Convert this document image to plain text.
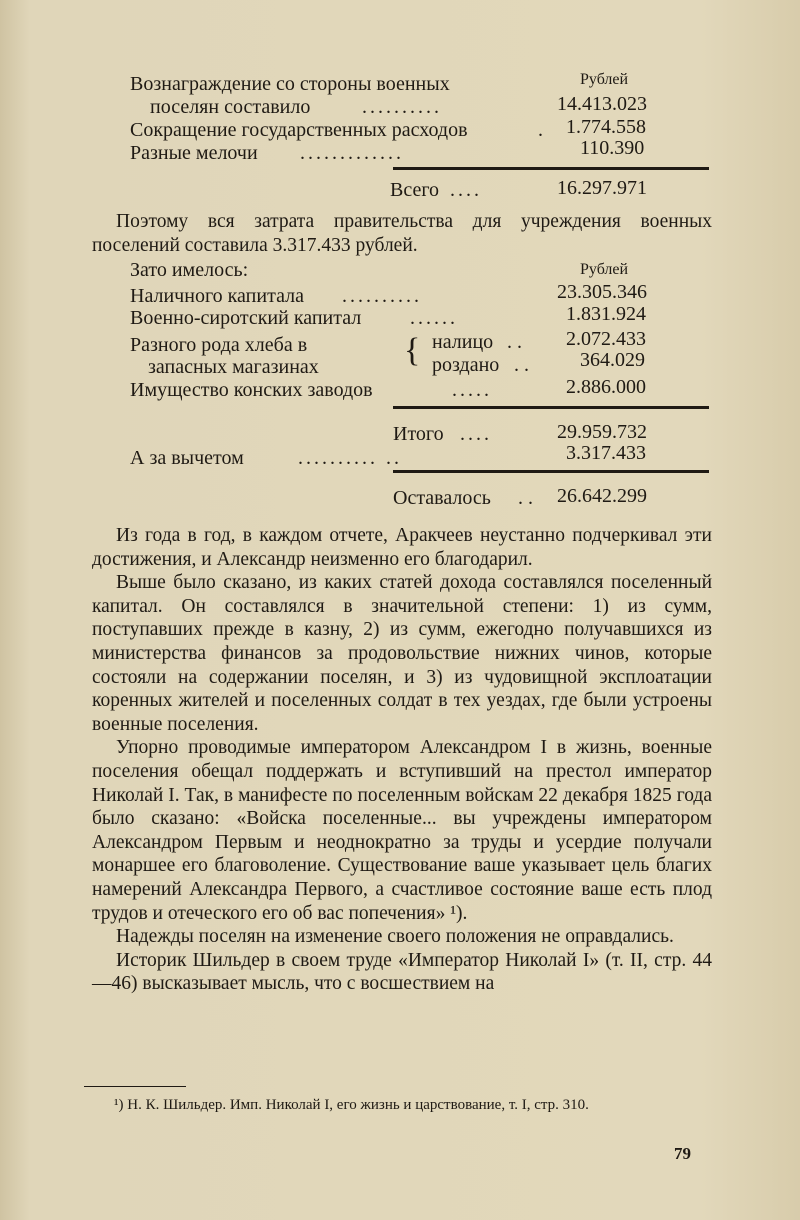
Рублей
Вознаграждение со стороны военных
поселян составило	..........	14.413.023
Сокращение государственных расходов	. 1.774.558
Разные мелочи .............	110.390
Всего ....	16.297.971

Поэтому вся затрата правительства для учреждения военных поселений составила 3.317.433 рублей.

Зато имелось:	Рублей
Наличного капитала ..........	23.305.346
Военно-сиротский капитал ......	1.831.924
Разного рода хлеба в
запасных магазинах	{ налицо . . 2.072.433
роздано . .	364.029
Имущество конских заводов	.....	2.886.000
Итого ....	29.959.732
А за вычетом	.......... ..	3.317.433
Оставалось . . 26.642.299

Из года в год, в каждом отчете, Аракчеев неустанно подчеркивал эти достижения, и Александр неизменно его благодарил.

Выше было сказано, из каких статей дохода составлялся поселенный капитал. Он составлялся в значительной степени: 1) из сумм, поступавших прежде в казну, 2) из сумм, ежегодно получавшихся из министерства финансов за продовольствие нижних чинов, которые состояли на содержании поселян, и 3) из чудовищной эксплоатации коренных жителей и поселенных солдат в тех уездах, где были устроены военные поселения.

Упорно проводимые императором Александром I в жизнь, военные поселения обещал поддержать и вступивший на престол император Николай I. Так, в манифесте по поселенным войскам 22 декабря 1825 года было сказано: «Войска поселенные... вы учреждены императором Александром Первым и неоднократно за труды и усердие получали монаршее его благоволение. Существование ваше указывает цель благих намерений Александра Первого, а счастливое состояние ваше есть плод трудов и отеческого его об вас попечения» ¹).

Надежды поселян на изменение своего положения не оправдались.

Историк Шильдер в своем труде «Император Николай I» (т. II, стр. 44—46) высказывает мысль, что с восшествием на

¹) Н. К. Шильдер. Имп. Николай I, его жизнь и царствование, т. I, стр. 310.
79
